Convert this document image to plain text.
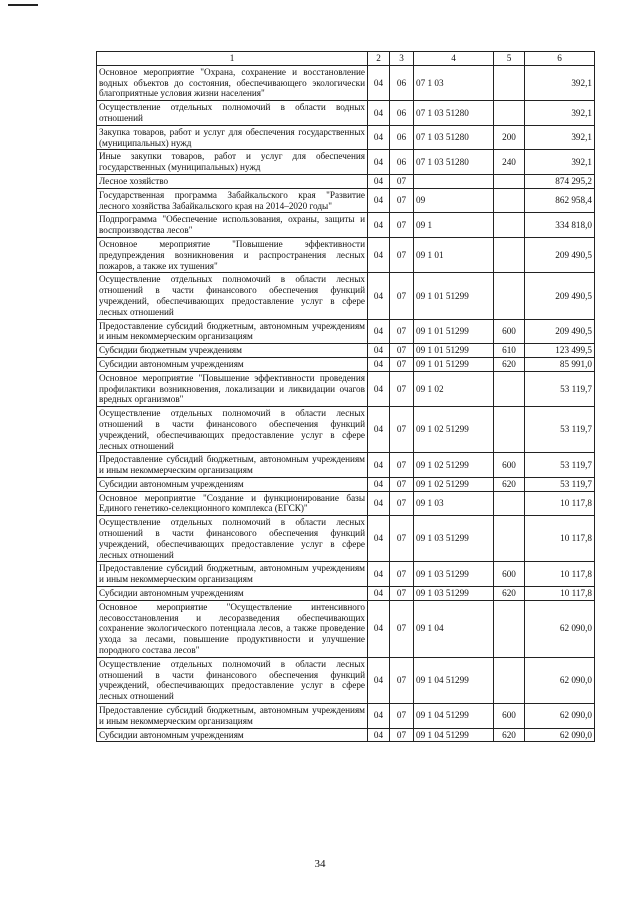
1	2	3	4	5	6
Основное мероприятие "Охрана, сохранение и восстановление водных объектов до состояния, обеспечивающего экологически благоприятные условия жизни населения"	04	06	07 1 03		392,1
Осуществление отдельных полномочий в области водных отношений	04	06	07 1 03 51280		392,1
Закупка товаров, работ и услуг для обеспечения государственных (муниципальных) нужд	04	06	07 1 03 51280	200	392,1
Иные закупки товаров, работ и услуг для обеспечения государственных (муниципальных) нужд	04	06	07 1 03 51280	240	392,1
Лесное хозяйство	04	07			874 295,2
Государственная программа Забайкальского края "Развитие лесного хозяйства Забайкальского края на 2014–2020 годы"	04	07	09		862 958,4
Подпрограмма "Обеспечение использования, охраны, защиты и воспроизводства лесов"	04	07	09 1		334 818,0
Основное мероприятие "Повышение эффективности предупреждения возникновения и распространения лесных пожаров, а также их тушения"	04	07	09 1 01		209 490,5
Осуществление отдельных полномочий в области лесных отношений в части финансового обеспечения функций учреждений, обеспечивающих предоставление услуг в сфере лесных отношений	04	07	09 1 01 51299		209 490,5
Предоставление субсидий бюджетным, автономным учреждениям и иным некоммерческим организациям	04	07	09 1 01 51299	600	209 490,5
Субсидии бюджетным учреждениям	04	07	09 1 01 51299	610	123 499,5
Субсидии автономным учреждениям	04	07	09 1 01 51299	620	85 991,0
Основное мероприятие "Повышение эффективности проведения профилактики возникновения, локализации и ликвидации очагов вредных организмов"	04	07	09 1 02		53 119,7
Осуществление отдельных полномочий в области лесных отношений в части финансового обеспечения функций учреждений, обеспечивающих предоставление услуг в сфере лесных отношений	04	07	09 1 02 51299		53 119,7
Предоставление субсидий бюджетным, автономным учреждениям и иным некоммерческим организациям	04	07	09 1 02 51299	600	53 119,7
Субсидии автономным учреждениям	04	07	09 1 02 51299	620	53 119,7
Основное мероприятие "Создание и функционирование базы Единого генетико-селекционного комплекса (ЕГСК)"	04	07	09 1 03		10 117,8
Осуществление отдельных полномочий в области лесных отношений в части финансового обеспечения функций учреждений, обеспечивающих предоставление услуг в сфере лесных отношений	04	07	09 1 03 51299		10 117,8
Предоставление субсидий бюджетным, автономным учреждениям и иным некоммерческим организациям	04	07	09 1 03 51299	600	10 117,8
Субсидии автономным учреждениям	04	07	09 1 03 51299	620	10 117,8
Основное мероприятие "Осуществление интенсивного лесовосстановления и лесоразведения обеспечивающих сохранение экологического потенциала лесов, а также проведение ухода за лесами, повышение продуктивности и улучшение породного состава лесов"	04	07	09 1 04		62 090,0
Осуществление отдельных полномочий в области лесных отношений в части финансового обеспечения функций учреждений, обеспечивающих предоставление услуг в сфере лесных отношений	04	07	09 1 04 51299		62 090,0
Предоставление субсидий бюджетным, автономным учреждениям и иным некоммерческим организациям	04	07	09 1 04 51299	600	62 090,0
Субсидии автономным учреждениям	04	07	09 1 04 51299	620	62 090,0
34
